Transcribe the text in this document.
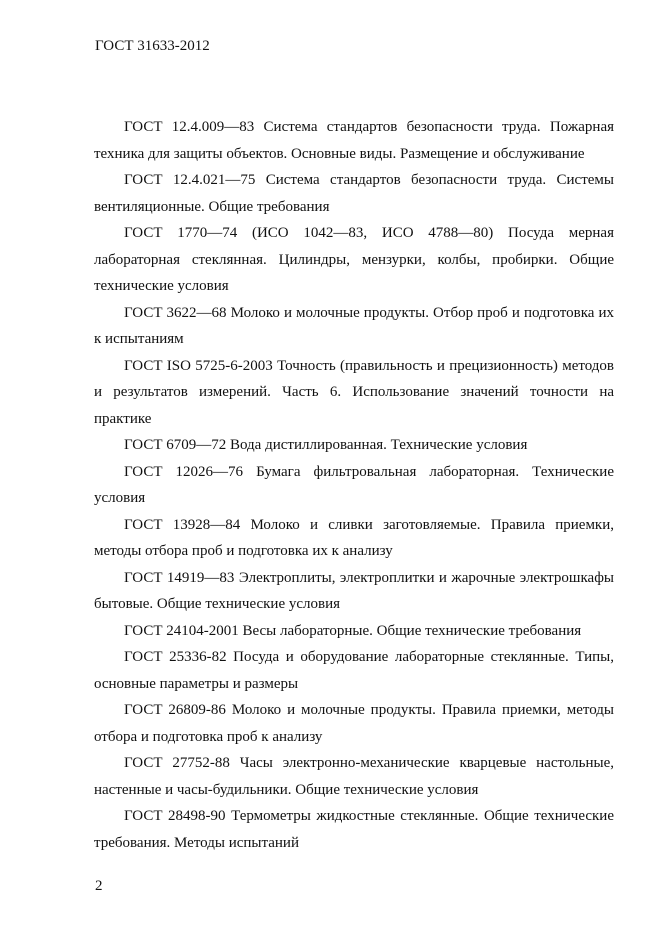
ГОСТ 31633-2012

ГОСТ 12.4.009—83 Система стандартов безопасности труда. Пожарная техника для защиты объектов. Основные виды. Размещение и обслуживание

ГОСТ 12.4.021—75 Система стандартов безопасности труда. Системы вентиляционные. Общие требования

ГОСТ 1770—74 (ИСО 1042—83, ИСО 4788—80) Посуда мерная лабораторная стеклянная. Цилиндры, мензурки, колбы, пробирки. Общие технические условия

ГОСТ 3622—68 Молоко и молочные продукты. Отбор проб и подготовка их к испытаниям

ГОСТ ISO 5725-6-2003 Точность (правильность и прецизионность) методов и результатов измерений. Часть 6. Использование значений точности на практике

ГОСТ 6709—72 Вода дистиллированная. Технические условия

ГОСТ 12026—76 Бумага фильтровальная лабораторная. Технические условия

ГОСТ 13928—84 Молоко и сливки заготовляемые. Правила приемки, методы отбора проб и подготовка их к анализу

ГОСТ 14919—83 Электроплиты, электроплитки и жарочные электрошкафы бытовые. Общие технические условия

ГОСТ 24104-2001 Весы лабораторные. Общие технические требования

ГОСТ 25336-82 Посуда и оборудование лабораторные стеклянные. Типы, основные параметры и размеры

ГОСТ 26809-86 Молоко и молочные продукты. Правила приемки, методы отбора и подготовка проб к анализу

ГОСТ 27752-88 Часы электронно-механические кварцевые настольные, настенные и часы-будильники. Общие технические условия

ГОСТ 28498-90 Термометры жидкостные стеклянные. Общие технические требования. Методы испытаний

2
